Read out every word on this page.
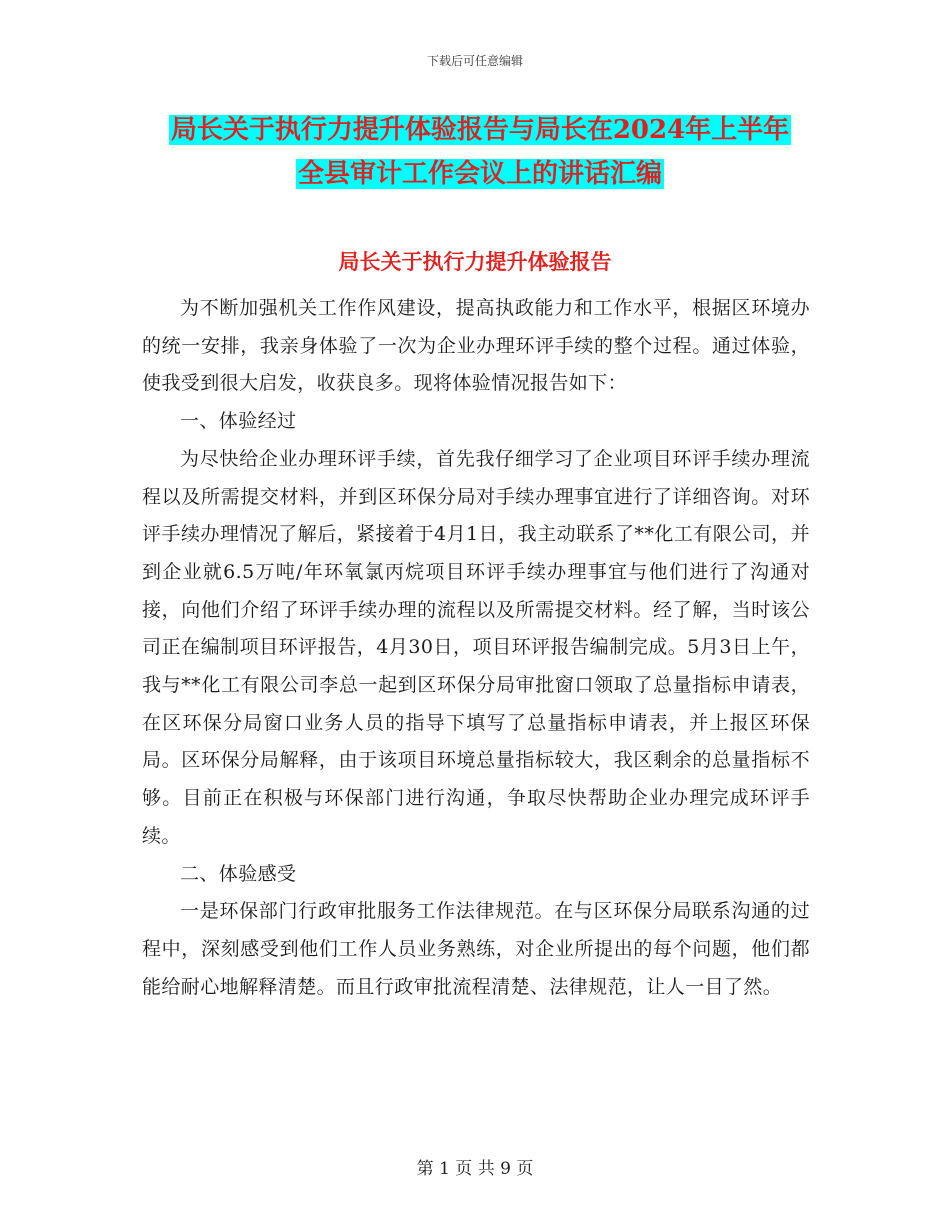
下载后可任意编辑
局长关于执行力提升体验报告与局长在2024年上半年
全县审计工作会议上的讲话汇编
局长关于执行力提升体验报告

为不断加强机关工作作风建设，提高执政能力和工作水平，根据区环境办的统一安排，我亲身体验了一次为企业办理环评手续的整个过程。通过体验，使我受到很大启发，收获良多。现将体验情况报告如下：

一、体验经过

为尽快给企业办理环评手续，首先我仔细学习了企业项目环评手续办理流程以及所需提交材料，并到区环保分局对手续办理事宜进行了详细咨询。对环评手续办理情况了解后，紧接着于4月1日，我主动联系了**化工有限公司，并到企业就6.5万吨/年环氧氯丙烷项目环评手续办理事宜与他们进行了沟通对接，向他们介绍了环评手续办理的流程以及所需提交材料。经了解，当时该公司正在编制项目环评报告，4月30日，项目环评报告编制完成。5月3日上午，我与**化工有限公司李总一起到区环保分局审批窗口领取了总量指标申请表，在区环保分局窗口业务人员的指导下填写了总量指标申请表，并上报区环保局。区环保分局解释，由于该项目环境总量指标较大，我区剩余的总量指标不够。目前正在积极与环保部门进行沟通，争取尽快帮助企业办理完成环评手续。

二、体验感受

一是环保部门行政审批服务工作法律规范。在与区环保分局联系沟通的过程中，深刻感受到他们工作人员业务熟练，对企业所提出的每个问题，他们都能给耐心地解释清楚。而且行政审批流程清楚、法律规范，让人一目了然。

第 1 页 共 9 页
